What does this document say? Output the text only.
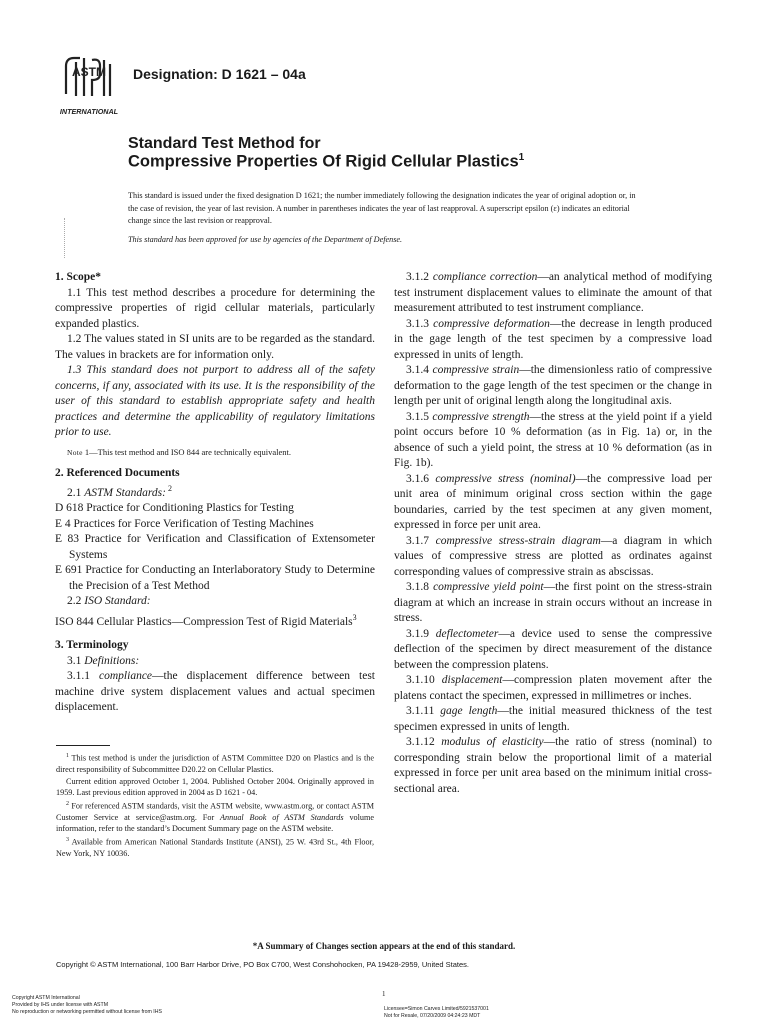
ASTM
INTERNATIONAL
Designation: D 1621 – 04a
Standard Test Method for
Compressive Properties Of Rigid Cellular Plastics$^1$

This standard is issued under the fixed designation D 1621; the number immediately following the designation indicates the year of original adoption or, in the case of revision, the year of last revision. A number in parentheses indicates the year of last reapproval. A superscript epsilon (ε) indicates an editorial change since the last revision or reapproval.

This standard has been approved for use by agencies of the Department of Defense.

1. Scope*

1.1 This test method describes a procedure for determining the compressive properties of rigid cellular materials, particularly expanded plastics.

1.2 The values stated in SI units are to be regarded as the standard. The values in brackets are for information only.

1.3 This standard does not purport to address all of the safety concerns, if any, associated with its use. It is the responsibility of the user of this standard to establish appropriate safety and health practices and determine the applicability of regulatory limitations prior to use.

Note 1—This test method and ISO 844 are technically equivalent.

2. Referenced Documents

2.1 ASTM Standards: $^2$

D 618 Practice for Conditioning Plastics for Testing

E 4 Practices for Force Verification of Testing Machines

E 83 Practice for Verification and Classification of Extensometer Systems

E 691 Practice for Conducting an Interlaboratory Study to Determine the Precision of a Test Method

2.2 ISO Standard:

ISO 844 Cellular Plastics—Compression Test of Rigid Materials$^3$

3. Terminology

3.1 Definitions:

3.1.1 compliance—the displacement difference between test machine drive system displacement values and actual specimen displacement.

3.1.2 compliance correction—an analytical method of modifying test instrument displacement values to eliminate the amount of that measurement attributed to test instrument compliance.

3.1.3 compressive deformation—the decrease in length produced in the gage length of the test specimen by a compressive load expressed in units of length.

3.1.4 compressive strain—the dimensionless ratio of compressive deformation to the gage length of the test specimen or the change in length per unit of original length along the longitudinal axis.

3.1.5 compressive strength—the stress at the yield point if a yield point occurs before 10 % deformation (as in Fig. 1a) or, in the absence of such a yield point, the stress at 10 % deformation (as in Fig. 1b).

3.1.6 compressive stress (nominal)—the compressive load per unit area of minimum original cross section within the gage boundaries, carried by the test specimen at any given moment, expressed in force per unit area.

3.1.7 compressive stress-strain diagram—a diagram in which values of compressive stress are plotted as ordinates against corresponding values of compressive strain as abscissas.

3.1.8 compressive yield point—the first point on the stress-strain diagram at which an increase in strain occurs without an increase in stress.

3.1.9 deflectometer—a device used to sense the compressive deflection of the specimen by direct measurement of the distance between the compression platens.

3.1.10 displacement—compression platen movement after the platens contact the specimen, expressed in millimetres or inches.

3.1.11 gage length—the initial measured thickness of the test specimen expressed in units of length.

3.1.12 modulus of elasticity—the ratio of stress (nominal) to corresponding strain below the proportional limit of a material expressed in force per unit area based on the minimum initial cross-sectional area.

$^1$ This test method is under the jurisdiction of ASTM Committee D20 on Plastics and is the direct responsibility of Subcommittee D20.22 on Cellular Plastics.

Current edition approved October 1, 2004. Published October 2004. Originally approved in 1959. Last previous edition approved in 2004 as D 1621 - 04.

$^2$ For referenced ASTM standards, visit the ASTM website, www.astm.org, or contact ASTM Customer Service at service@astm.org. For Annual Book of ASTM Standards volume information, refer to the standard’s Document Summary page on the ASTM website.

$^3$ Available from American National Standards Institute (ANSI), 25 W. 43rd St., 4th Floor, New York, NY 10036.

*A Summary of Changes section appears at the end of this standard.
Copyright © ASTM International, 100 Barr Harbor Drive, PO Box C700, West Conshohocken, PA 19428-2959, United States.
1
Copyright ASTM International
Provided by IHS under license with ASTM
No reproduction or networking permitted without license from IHS	Licensee=Simon Carves Limited/5921537001
Not for Resale, 07/20/2009 04:24:23 MDT
